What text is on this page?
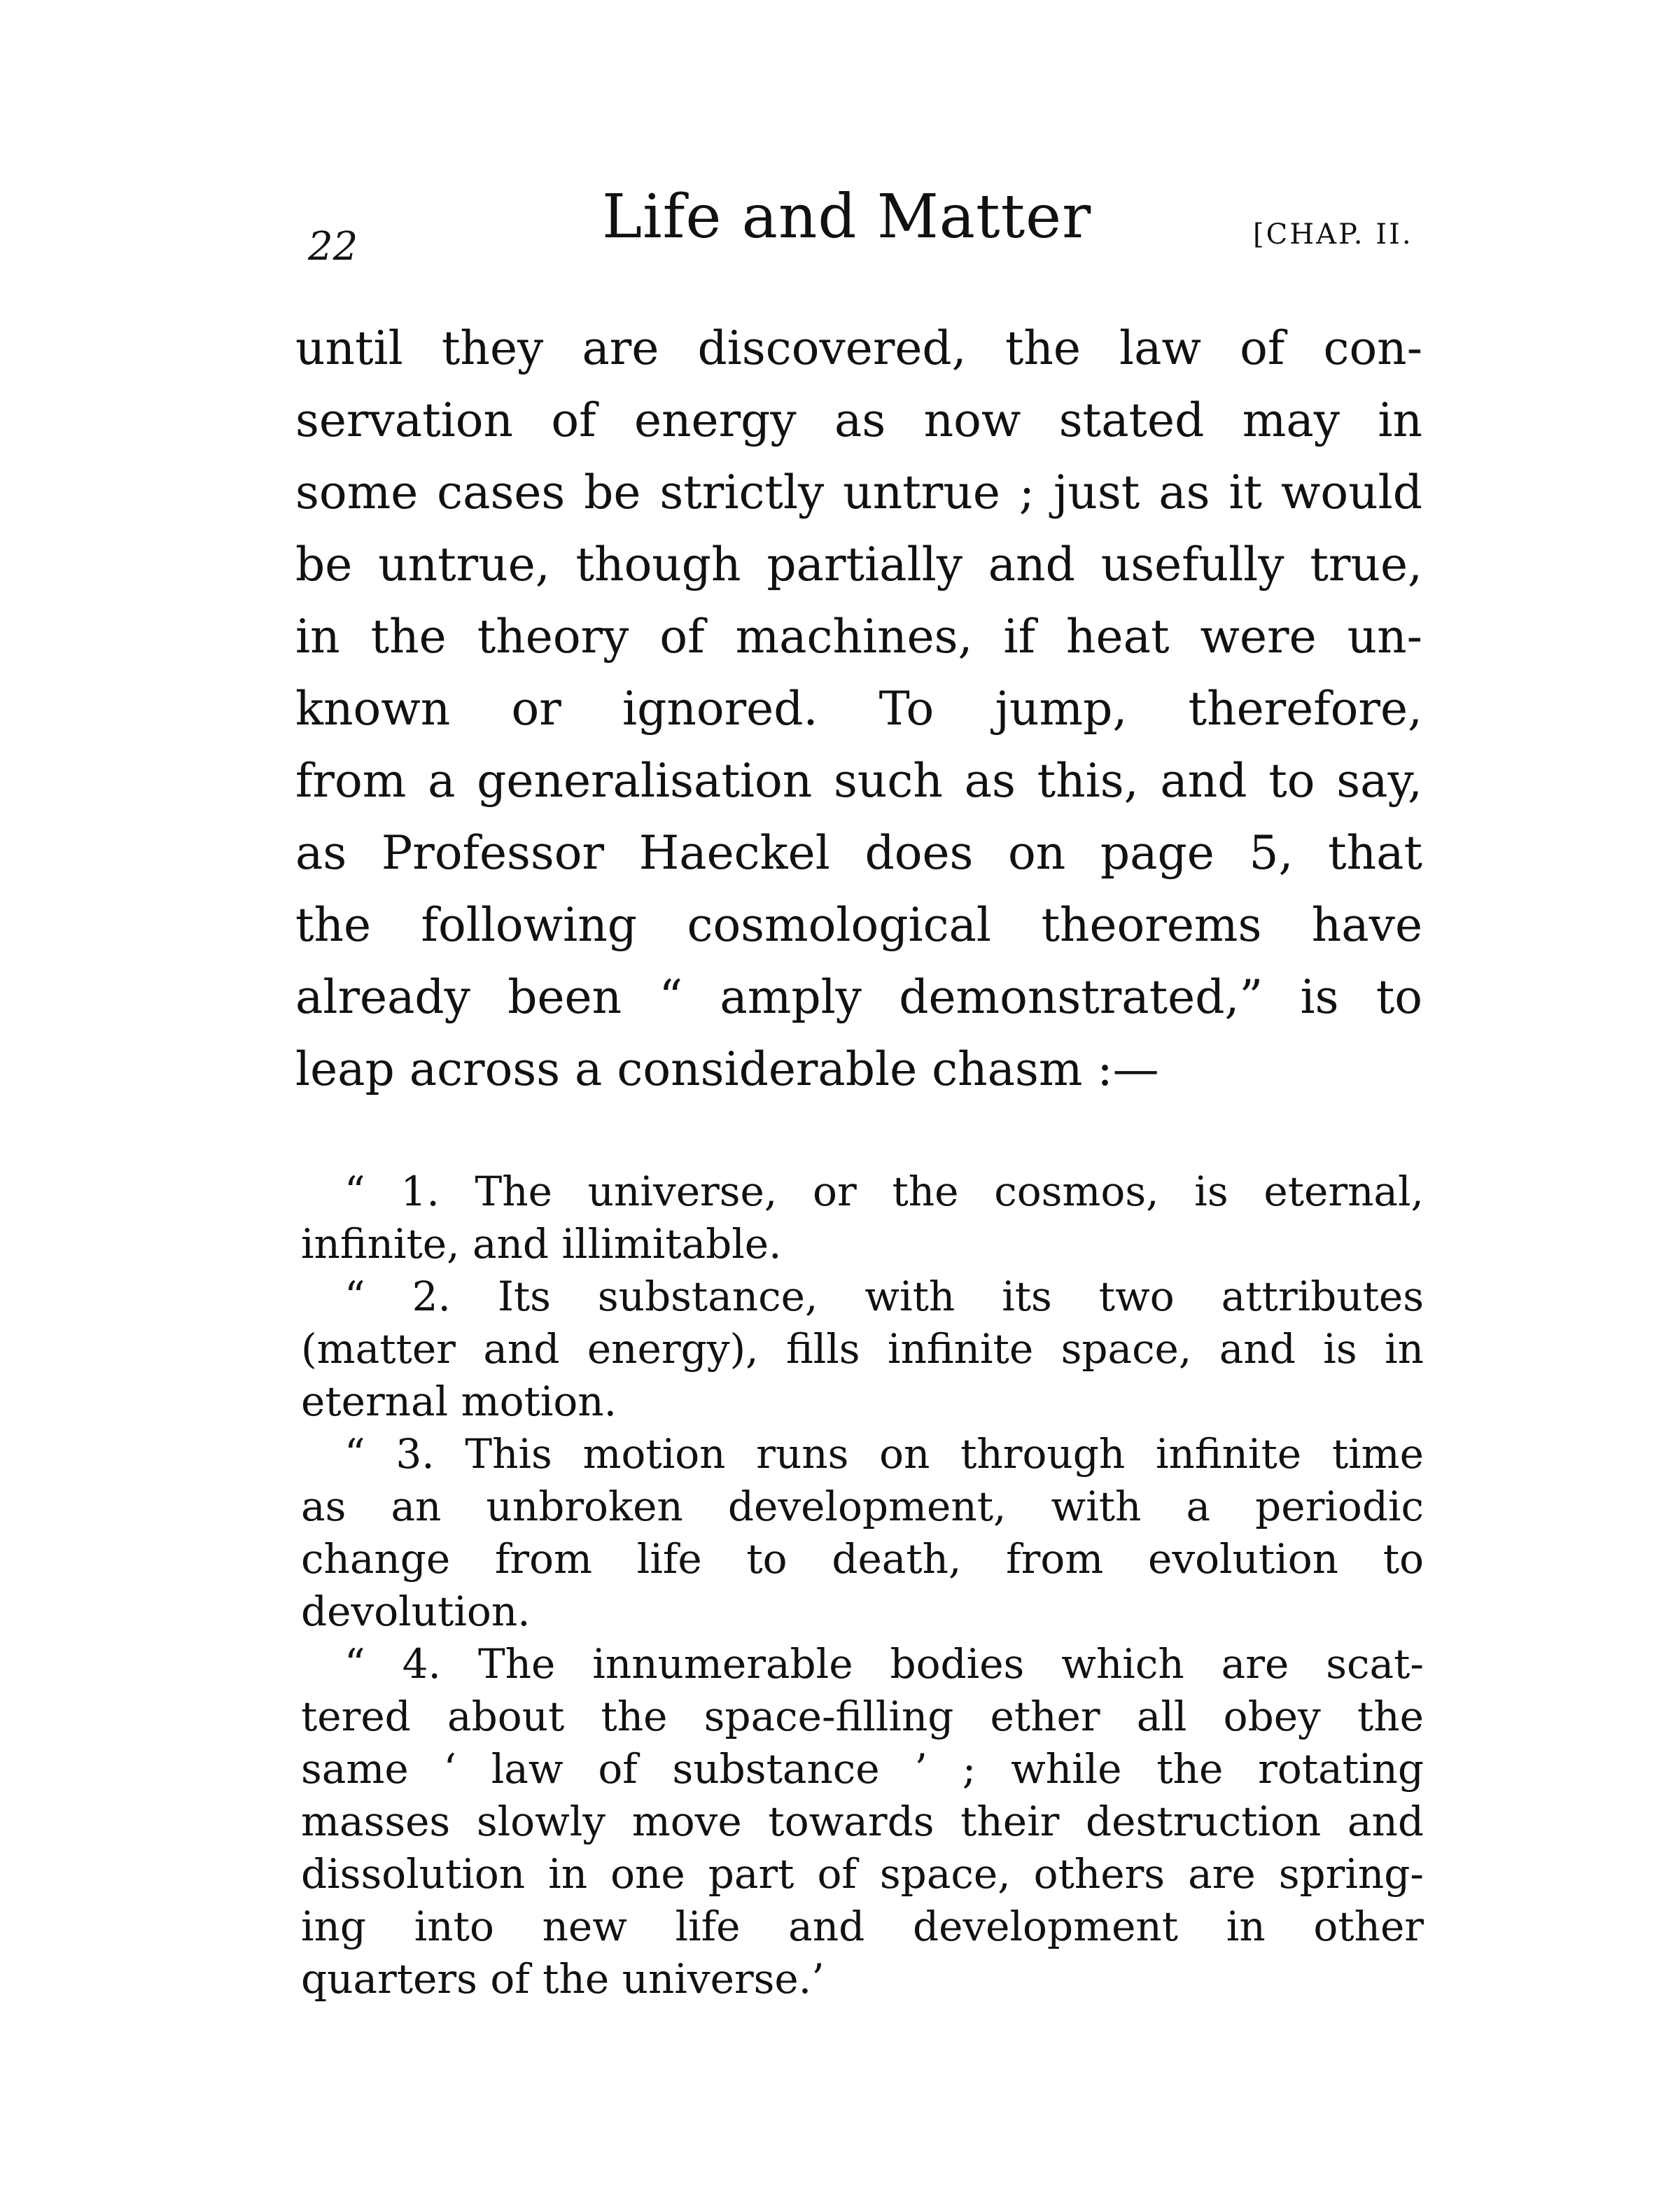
22	Life and Matter	[CHAP. II.
until they are discovered, the law of con-
servation of energy as now stated may in
some cases be strictly untrue ; just as it would
be untrue, though partially and usefully true,
in the theory of machines, if heat were un-
known or ignored. To jump, therefore,
from a generalisation such as this, and to say,
as Professor Haeckel does on page 5, that
the following cosmological theorems have
already been “ amply demonstrated,” is to
leap across a considerable chasm :—
“ 1. The universe, or the cosmos, is eternal,
infinite, and illimitable.
“ 2. Its substance, with its two attributes
(matter and energy), fills infinite space, and is in
eternal motion.
“ 3. This motion runs on through infinite time
as an unbroken development, with a periodic
change from life to death, from evolution to
devolution.
“ 4. The innumerable bodies which are scat-
tered about the space-filling ether all obey the
same ‘ law of substance ’ ; while the rotating
masses slowly move towards their destruction and
dissolution in one part of space, others are spring-
ing into new life and development in other
quarters of the universe.’
